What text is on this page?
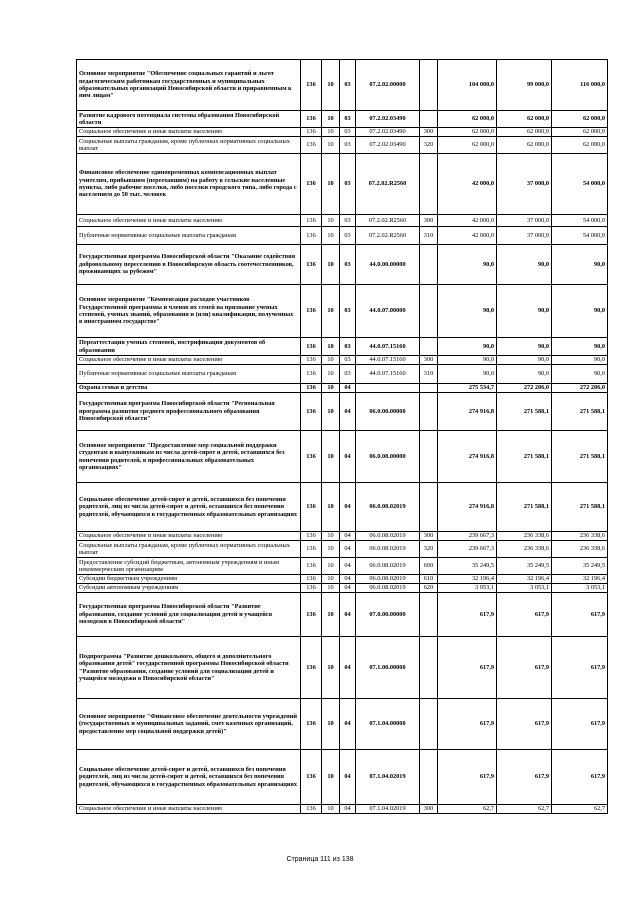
Основное мероприятие "Обеспечение социальных гарантий и льгот педагогическим работникам государственных и муниципальных образовательных организаций Новосибирской области и приравненным к ним лицам"	136	10	03	07.2.02.00000		104 000,0	99 000,0	116 000,0
Развитие кадрового потенциала системы образования Новосибирской области	136	10	03	07.2.02.03490		62 000,0	62 000,0	62 000,0
Социальное обеспечение и иные выплаты населению	136	10	03	07.2.02.03490	300	62 000,0	62 000,0	62 000,0
Социальные выплаты гражданам, кроме публичных нормативных социальных выплат	136	10	03	07.2.02.03490	320	62 000,0	62 000,0	62 000,0
Финансовое обеспечение единовременных компенсационных выплат учителям, прибывшим (переехавшим) на работу в сельские населенные пункты, либо рабочие поселки, либо поселки городского типа, либо города с населением до 50 тыс. человек	136	10	03	07.2.02.R2560		42 000,0	37 000,0	54 000,0
Социальное обеспечение и иные выплаты населению	136	10	03	07.2.02.R2560	300	42 000,0	37 000,0	54 000,0
Публичные нормативные социальные выплаты гражданам	136	10	03	07.2.02.R2560	310	42 000,0	37 000,0	54 000,0
Государственная программа Новосибирской области "Оказание содействия добровольному переселению в Новосибирскую область соотечественников, проживающих за рубежом"	136	10	03	44.0.00.00000		90,0	90,0	90,0
Основное мероприятие "Компенсация расходов участников Государственной программы и членов их семей на признание ученых степеней, ученых званий, образования и (или) квалификации, полученных в иностранном государстве"	136	10	03	44.0.07.00000		90,0	90,0	90,0
Переаттестация ученых степеней, нострификация документов об образовании	136	10	03	44.0.07.15160		90,0	90,0	90,0
Социальное обеспечение и иные выплаты населению	136	10	03	44.0.07.15160	300	90,0	90,0	90,0
Публичные нормативные социальные выплаты гражданам	136	10	03	44.0.07.15160	310	90,0	90,0	90,0
Охрана семьи и детства	136	10	04			275 534,7	272 206,0	272 206,0
Государственная программа Новосибирской области "Региональная программа развития среднего профессионального образования Новосибирской области"	136	10	04	06.0.00.00000		274 916,8	271 588,1	271 588,1
Основное мероприятие "Предоставление мер социальной поддержки студентам и выпускникам из числа детей-сирот и детей, оставшихся без попечения родителей, в профессиональных образовательных организациях"	136	10	04	06.0.08.00000		274 916,8	271 588,1	271 588,1
Социальное обеспечение детей-сирот и детей, оставшихся без попечения родителей, лиц из числа детей-сирот и детей, оставшихся без попечения родителей, обучающихся в государственных образовательных организациях	136	10	04	06.0.08.02019		274 916,8	271 588,1	271 588,1
Социальное обеспечение и иные выплаты населению	136	10	04	06.0.08.02019	300	239 667,3	236 338,6	236 338,6
Социальные выплаты гражданам, кроме публичных нормативных социальных выплат	136	10	04	06.0.08.02019	320	239 667,3	236 338,6	236 338,6
Предоставление субсидий бюджетным, автономным учреждениям и иным некоммерческим организациям	136	10	04	06.0.08.02019	600	35 249,5	35 249,5	35 249,5
Субсидии бюджетным учреждениям	136	10	04	06.0.08.02019	610	32 196,4	32 196,4	32 196,4
Субсидии автономным учреждениям	136	10	04	06.0.08.02019	620	3 053,1	3 053,1	3 053,1
Государственная программа Новосибирской области "Развитие образования, создание условий для социализации детей и учащейся молодежи в Новосибирской области"	136	10	04	07.0.00.00000		617,9	617,9	617,9
Подпрограмма "Развитие дошкольного, общего и дополнительного образования детей" государственной программы Новосибирской области "Развитие образования, создание условий для социализации детей и учащейся молодежи в Новосибирской области"	136	10	04	07.1.00.00000		617,9	617,9	617,9
Основное мероприятие "Финансовое обеспечение деятельности учреждений (государственных и муниципальных заданий, смет казенных организаций, предоставление мер социальной поддержки детей)"	136	10	04	07.1.04.00000		617,9	617,9	617,9
Социальное обеспечение детей-сирот и детей, оставшихся без попечения родителей, лиц из числа детей-сирот и детей, оставшихся без попечения родителей, обучающихся в государственных образовательных организациях	136	10	04	07.1.04.02019		617,9	617,9	617,9
Социальное обеспечение и иные выплаты населению	136	10	04	07.1.04.02019	300	62,7	62,7	62,7
Страница 111 из 138
